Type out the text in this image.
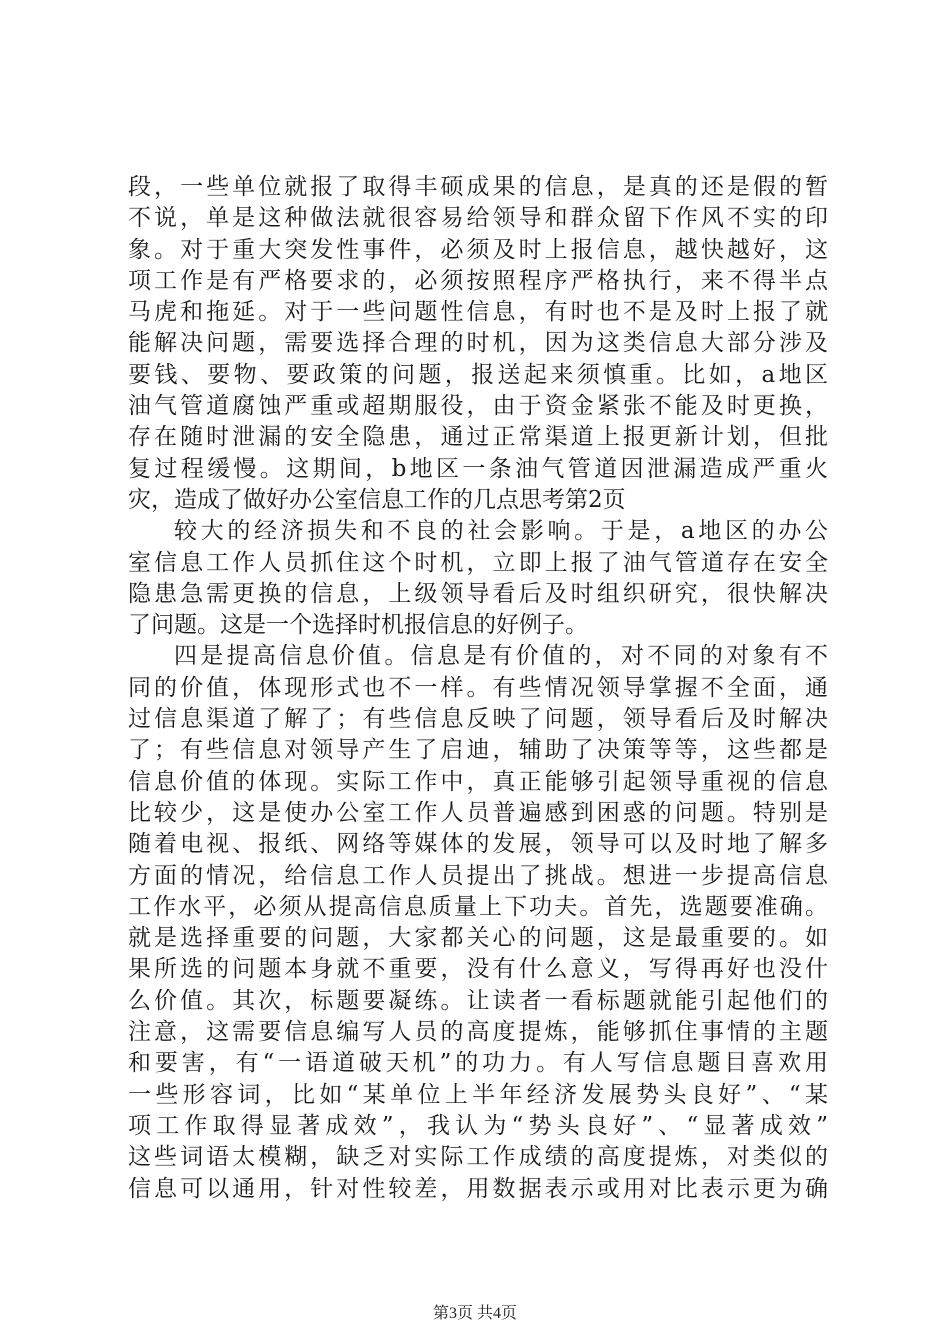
段，一些单位就报了取得丰硕成果的信息，是真的还是假的暂
不说，单是这种做法就很容易给领导和群众留下作风不实的印
象。对于重大突发性事件，必须及时上报信息，越快越好，这
项工作是有严格要求的，必须按照程序严格执行，来不得半点
马虎和拖延。对于一些问题性信息，有时也不是及时上报了就
能解决问题，需要选择合理的时机，因为这类信息大部分涉及
要钱、要物、要政策的问题，报送起来须慎重。比如，a地区
油气管道腐蚀严重或超期服役，由于资金紧张不能及时更换，
存在随时泄漏的安全隐患，通过正常渠道上报更新计划，但批
复过程缓慢。这期间，b地区一条油气管道因泄漏造成严重火
灾，造成了做好办公室信息工作的几点思考第2页
较大的经济损失和不良的社会影响。于是，a地区的办公
室信息工作人员抓住这个时机，立即上报了油气管道存在安全
隐患急需更换的信息，上级领导看后及时组织研究，很快解决
了问题。这是一个选择时机报信息的好例子。
四是提高信息价值。信息是有价值的，对不同的对象有不
同的价值，体现形式也不一样。有些情况领导掌握不全面，通
过信息渠道了解了；有些信息反映了问题，领导看后及时解决
了；有些信息对领导产生了启迪，辅助了决策等等，这些都是
信息价值的体现。实际工作中，真正能够引起领导重视的信息
比较少，这是使办公室工作人员普遍感到困惑的问题。特别是
随着电视、报纸、网络等媒体的发展，领导可以及时地了解多
方面的情况，给信息工作人员提出了挑战。想进一步提高信息
工作水平，必须从提高信息质量上下功夫。首先，选题要准确。
就是选择重要的问题，大家都关心的问题，这是最重要的。如
果所选的问题本身就不重要，没有什么意义，写得再好也没什
么价值。其次，标题要凝练。让读者一看标题就能引起他们的
注意，这需要信息编写人员的高度提炼，能够抓住事情的主题
和要害，有“一语道破天机”的功力。有人写信息题目喜欢用
一些形容词，比如“某单位上半年经济发展势头良好”、“某
项工作取得显著成效”，我认为“势头良好”、“显著成效”
这些词语太模糊，缺乏对实际工作成绩的高度提炼，对类似的
信息可以通用，针对性较差，用数据表示或用对比表示更为确
第3页 共4页
